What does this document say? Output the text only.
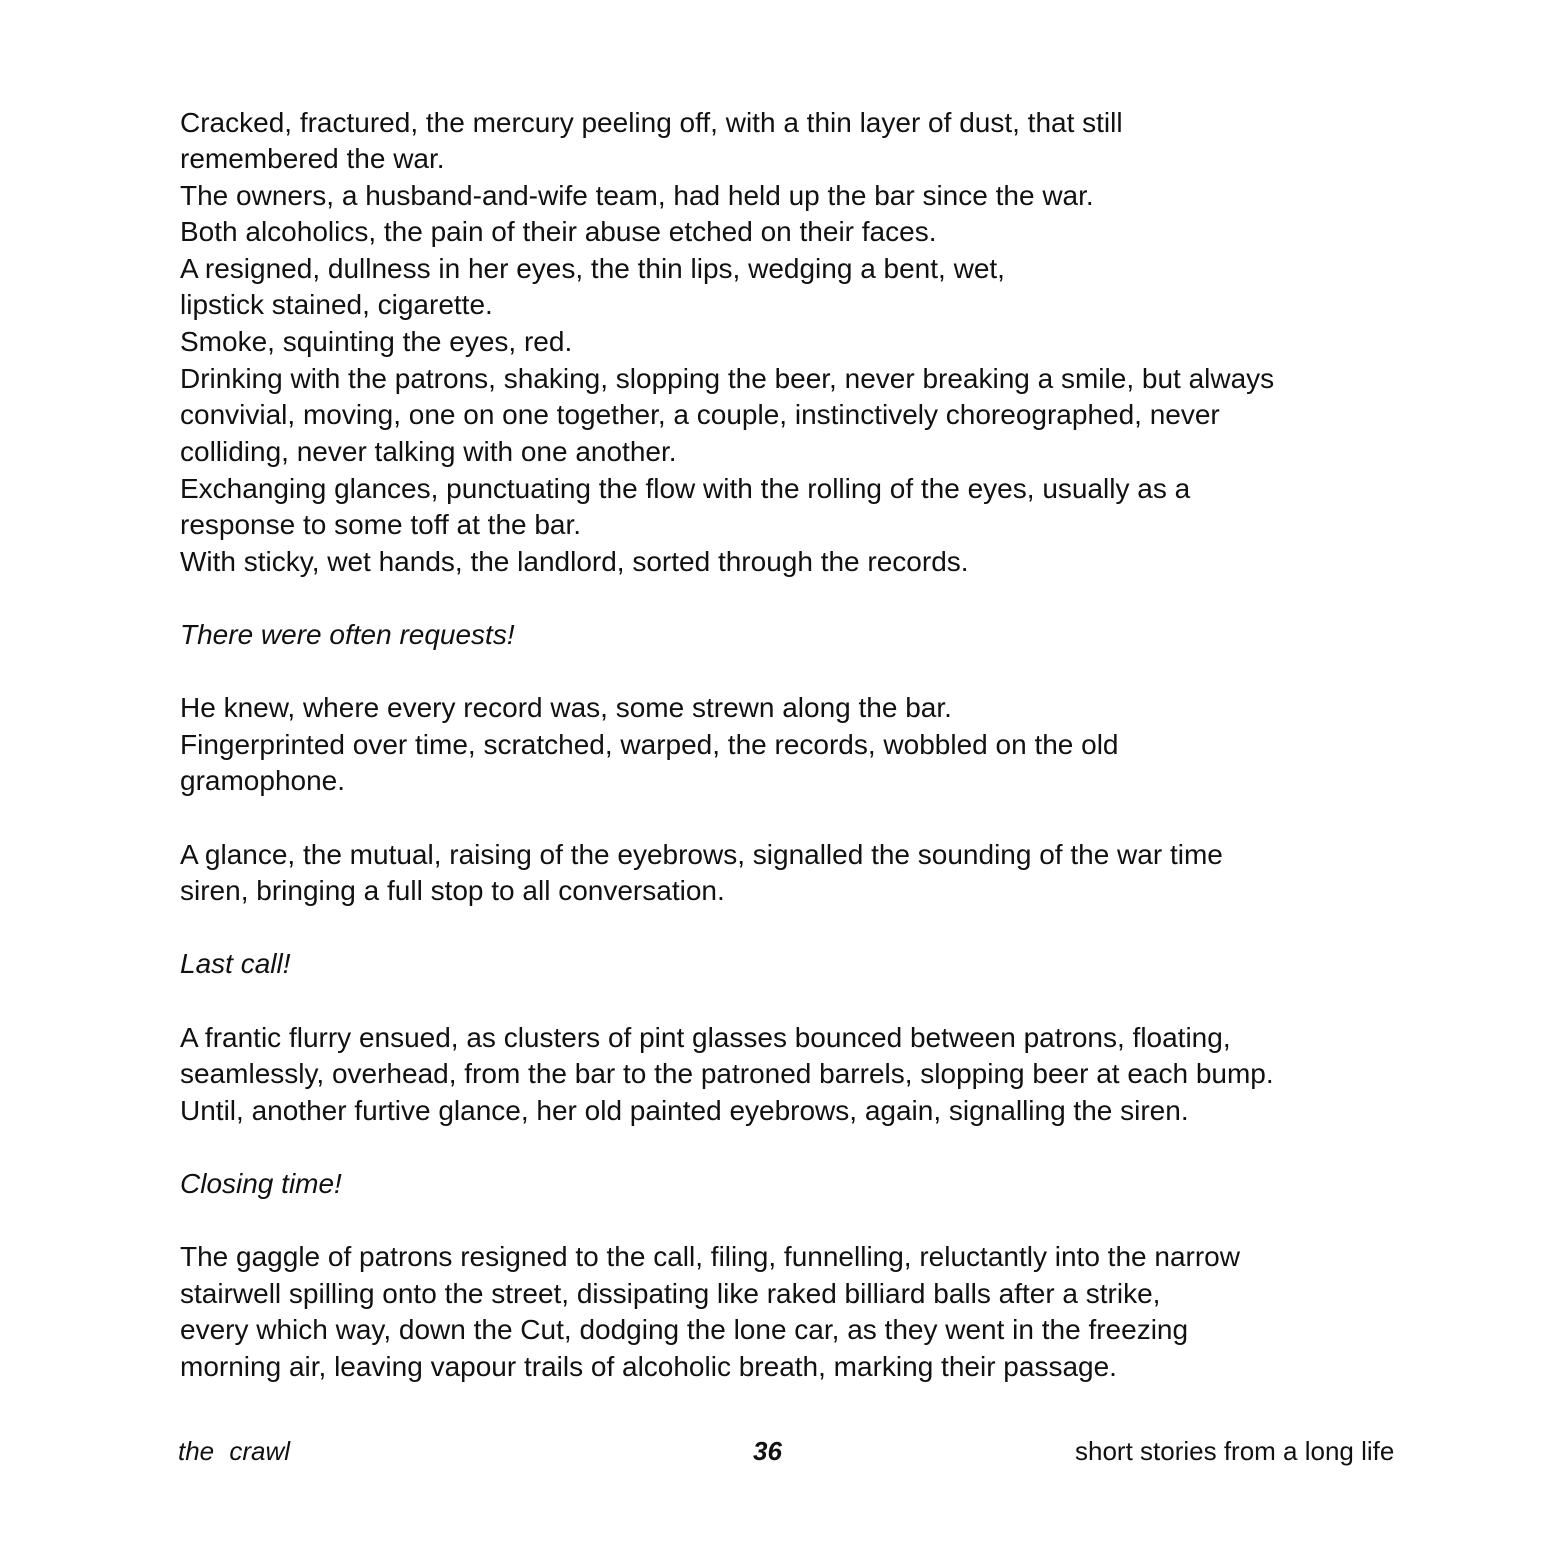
Cracked, fractured, the mercury peeling off, with a thin layer of dust, that still
remembered the war.
The owners, a husband-and-wife team, had held up the bar since the war.
Both alcoholics, the pain of their abuse etched on their faces.
A resigned, dullness in her eyes, the thin lips, wedging a bent, wet,
lipstick stained, cigarette.
Smoke, squinting the eyes, red.
Drinking with the patrons, shaking, slopping the beer, never breaking a smile, but always
convivial, moving, one on one together, a couple, instinctively choreographed, never
colliding, never talking with one another.
Exchanging glances, punctuating the flow with the rolling of the eyes, usually as a
response to some toff at the bar.
With sticky, wet hands, the landlord, sorted through the records.
There were often requests!
He knew, where every record was, some strewn along the bar.
Fingerprinted over time, scratched, warped, the records, wobbled on the old
gramophone.
A glance, the mutual, raising of the eyebrows, signalled the sounding of the war time
siren, bringing a full stop to all conversation.
Last call!
A frantic flurry ensued, as clusters of pint glasses bounced between patrons, floating,
seamlessly, overhead, from the bar to the patroned barrels, slopping beer at each bump.
Until, another furtive glance, her old painted eyebrows, again, signalling the siren.
Closing time!
The gaggle of patrons resigned to the call, filing, funnelling, reluctantly into the narrow
stairwell spilling onto the street, dissipating like raked billiard balls after a strike,
every which way, down the Cut, dodging the lone car, as they went in the freezing
morning air, leaving vapour trails of alcoholic breath, marking their passage.
the crawl	36	short stories from a long life
